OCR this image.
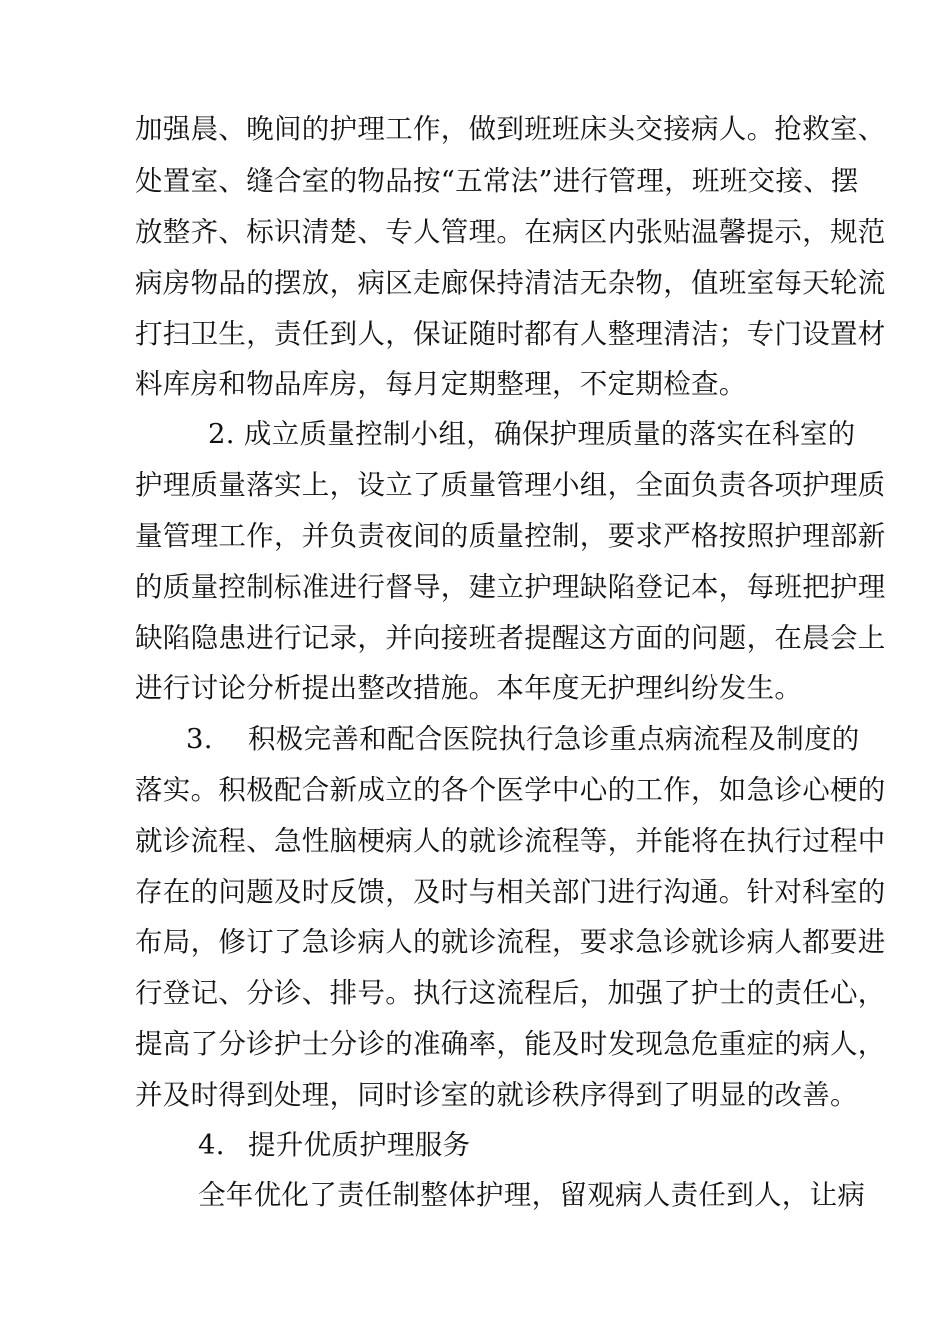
加强晨、晚间的护理工作，做到班班床头交接病人。抢救室、
处置室、缝合室的物品按“五常法”进行管理，班班交接、摆
放整齐、标识清楚、专人管理。在病区内张贴温馨提示，规范
病房物品的摆放，病区走廊保持清洁无杂物，值班室每天轮流
打扫卫生，责任到人，保证随时都有人整理清洁；专门设置材
料库房和物品库房，每月定期整理，不定期检查。
2. 成立质量控制小组，确保护理质量的落实在科室的
护理质量落实上，设立了质量管理小组，全面负责各项护理质
量管理工作，并负责夜间的质量控制，要求严格按照护理部新
的质量控制标准进行督导，建立护理缺陷登记本，每班把护理
缺陷隐患进行记录，并向接班者提醒这方面的问题，在晨会上
进行讨论分析提出整改措施。本年度无护理纠纷发生。
3. 积极完善和配合医院执行急诊重点病流程及制度的
落实。积极配合新成立的各个医学中心的工作，如急诊心梗的
就诊流程、急性脑梗病人的就诊流程等，并能将在执行过程中
存在的问题及时反馈，及时与相关部门进行沟通。针对科室的
布局，修订了急诊病人的就诊流程，要求急诊就诊病人都要进
行登记、分诊、排号。执行这流程后，加强了护士的责任心，
提高了分诊护士分诊的准确率，能及时发现急危重症的病人，
并及时得到处理，同时诊室的就诊秩序得到了明显的改善。
4. 提升优质护理服务
全年优化了责任制整体护理，留观病人责任到人，让病
